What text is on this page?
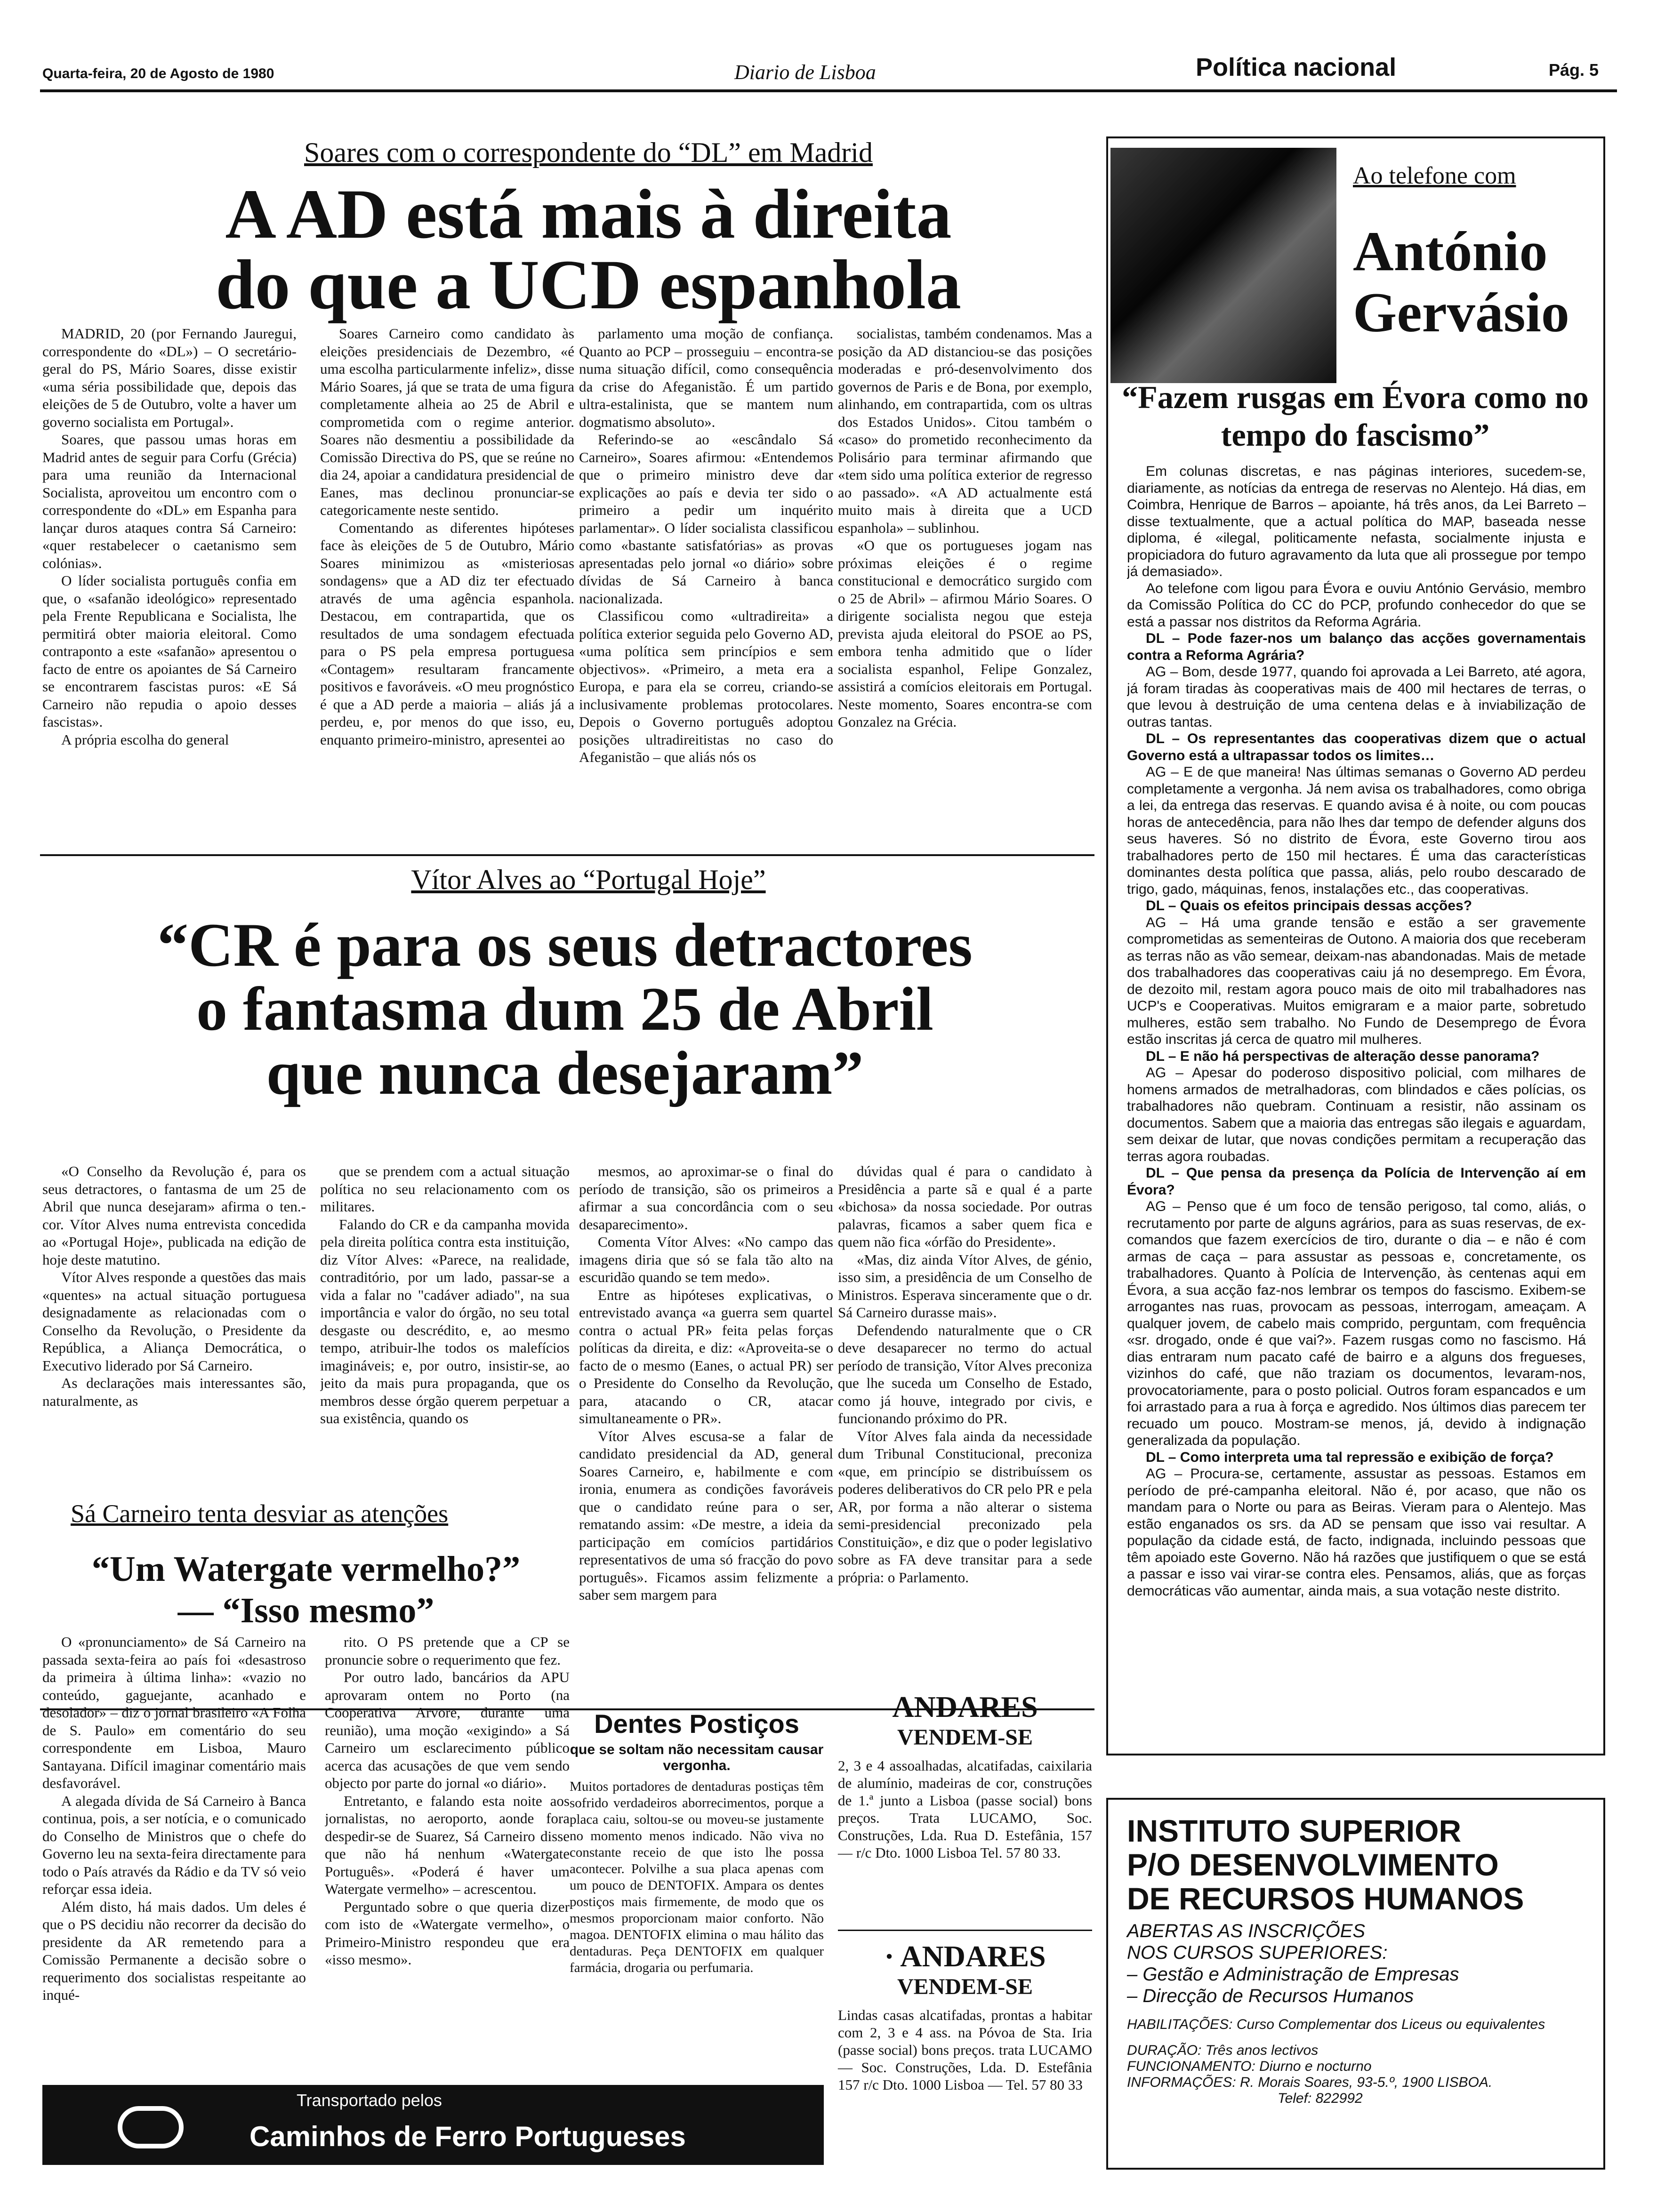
Quarta-feira, 20 de Agosto de 1980	Diario de Lisboa	Política nacional	Pág. 5
Soares com o correspondente do “DL” em Madrid
A AD está mais à direita
do que a UCD espanhola

MADRID, 20 (por Fernando Jauregui, correspondente do «DL») – O secretário-geral do PS, Mário Soares, disse existir «uma séria possibilidade que, depois das eleições de 5 de Outubro, volte a haver um governo socialista em Portugal».

Soares, que passou umas horas em Madrid antes de seguir para Corfu (Grécia) para uma reunião da Internacional Socialista, aproveitou um encontro com o correspondente do «DL» em Espanha para lançar duros ataques contra Sá Carneiro: «quer restabelecer o caetanismo sem colónias».

O líder socialista português confia em que, o «safanão ideológico» representado pela Frente Republicana e Socialista, lhe permitirá obter maioria eleitoral. Como contraponto a este «safanão» apresentou o facto de entre os apoiantes de Sá Carneiro se encontrarem fascistas puros: «E Sá Carneiro não repudia o apoio desses fascistas».

A própria escolha do general

Soares Carneiro como candidato às eleições presidenciais de Dezembro, «é uma escolha particularmente infeliz», disse Mário Soares, já que se trata de uma figura completamente alheia ao 25 de Abril e comprometida com o regime anterior. Soares não desmentiu a possibilidade da Comissão Directiva do PS, que se reúne no dia 24, apoiar a candidatura presidencial de Eanes, mas declinou pronunciar-se categoricamente neste sentido.

Comentando as diferentes hipóteses face às eleições de 5 de Outubro, Mário Soares minimizou as «misteriosas sondagens» que a AD diz ter efectuado através de uma agência espanhola. Destacou, em contrapartida, que os resultados de uma sondagem efectuada para o PS pela empresa portuguesa «Contagem» resultaram francamente positivos e favoráveis. «O meu prognóstico é que a AD perde a maioria – aliás já a perdeu, e, por menos do que isso, eu, enquanto primeiro-ministro, apresentei ao

parlamento uma moção de confiança. Quanto ao PCP – prosseguiu – encontra-se numa situação difícil, como consequência da crise do Afeganistão. É um partido ultra-estalinista, que se mantem num dogmatismo absoluto».

Referindo-se ao «escândalo Sá Carneiro», Soares afirmou: «Entendemos que o primeiro ministro deve dar explicações ao país e devia ter sido o primeiro a pedir um inquérito parlamentar». O líder socialista classificou como «bastante satisfatórias» as provas apresentadas pelo jornal «o diário» sobre dívidas de Sá Carneiro à banca nacionalizada.

Classificou como «ultradireita» a política exterior seguida pelo Governo AD, «uma política sem princípios e sem objectivos». «Primeiro, a meta era a Europa, e para ela se correu, criando-se inclusivamente problemas protocolares. Depois o Governo português adoptou posições ultradireitistas no caso do Afeganistão – que aliás nós os

socialistas, também condenamos. Mas a posição da AD distanciou-se das posições moderadas e pró-desenvolvimento dos governos de Paris e de Bona, por exemplo, alinhando, em contrapartida, com os ultras dos Estados Unidos». Citou também o «caso» do prometido reconhecimento da Polisário para terminar afirmando que «tem sido uma política exterior de regresso ao passado». «A AD actualmente está muito mais à direita que a UCD espanhola» – sublinhou.

«O que os portugueses jogam nas próximas eleições é o regime constitucional e democrático surgido com o 25 de Abril» – afirmou Mário Soares. O dirigente socialista negou que esteja prevista ajuda eleitoral do PSOE ao PS, embora tenha admitido que o líder socialista espanhol, Felipe Gonzalez, assistirá a comícios eleitorais em Portugal. Neste momento, Soares encontra-se com Gonzalez na Grécia.

Vítor Alves ao “Portugal Hoje”
“CR é para os seus detractores
o fantasma dum 25 de Abril
que nunca desejaram”

«O Conselho da Revolução é, para os seus detractores, o fantasma de um 25 de Abril que nunca desejaram» afirma o ten.-cor. Vítor Alves numa entrevista concedida ao «Portugal Hoje», publicada na edição de hoje deste matutino.

Vítor Alves responde a questões das mais «quentes» na actual situação portuguesa designadamente as relacionadas com o Conselho da Revolução, o Presidente da República, a Aliança Democrática, o Executivo liderado por Sá Carneiro.

As declarações mais interessantes são, naturalmente, as

que se prendem com a actual situação política no seu relacionamento com os militares.

Falando do CR e da campanha movida pela direita política contra esta instituição, diz Vítor Alves: «Parece, na realidade, contraditório, por um lado, passar-se a vida a falar no "cadáver adiado", na sua importância e valor do órgão, no seu total desgaste ou descrédito, e, ao mesmo tempo, atribuir-lhe todos os malefícios imagináveis; e, por outro, insistir-se, ao jeito da mais pura propaganda, que os membros desse órgão querem perpetuar a sua existência, quando os

mesmos, ao aproximar-se o final do período de transição, são os primeiros a afirmar a sua concordância com o seu desaparecimento».

Comenta Vítor Alves: «No campo das imagens diria que só se fala tão alto na escuridão quando se tem medo».

Entre as hipóteses explicativas, o entrevistado avança «a guerra sem quartel contra o actual PR» feita pelas forças políticas da direita, e diz: «Aproveita-se o facto de o mesmo (Eanes, o actual PR) ser o Presidente do Conselho da Revolução, para, atacando o CR, atacar simultaneamente o PR».

Vítor Alves escusa-se a falar de candidato presidencial da AD, general Soares Carneiro, e, habilmente e com ironia, enumera as condições favoráveis que o candidato reúne para o ser, rematando assim: «De mestre, a ideia da participação em comícios partidários representativos de uma só fracção do povo português». Ficamos assim felizmente a saber sem margem para

dúvidas qual é para o candidato à Presidência a parte sã e qual é a parte «bichosa» da nossa sociedade. Por outras palavras, ficamos a saber quem fica e quem não fica «órfão do Presidente».

«Mas, diz ainda Vítor Alves, de génio, isso sim, a presidência de um Conselho de Ministros. Esperava sinceramente que o dr. Sá Carneiro durasse mais».

Defendendo naturalmente que o CR deve desaparecer no termo do actual período de transição, Vítor Alves preconiza que lhe suceda um Conselho de Estado, como já houve, integrado por civis, e funcionando próximo do PR.

Vítor Alves fala ainda da necessidade dum Tribunal Constitucional, preconiza «que, em princípio se distribuíssem os poderes deliberativos do CR pelo PR e pela AR, por forma a não alterar o sistema semi-presidencial preconizado pela Constituição», e diz que o poder legislativo sobre as FA deve transitar para a sede própria: o Parlamento.

Sá Carneiro tenta desviar as atenções
“Um Watergate vermelho?”
— “Isso mesmo”

O «pronunciamento» de Sá Carneiro na passada sexta-feira ao país foi «desastroso da primeira à última linha»: «vazio no conteúdo, gaguejante, acanhado e desolador» – diz o jornal brasileiro «A Folha de S. Paulo» em comentário do seu correspondente em Lisboa, Mauro Santayana. Difícil imaginar comentário mais desfavorável.

A alegada dívida de Sá Carneiro à Banca continua, pois, a ser notícia, e o comunicado do Conselho de Ministros que o chefe do Governo leu na sexta-feira directamente para todo o País através da Rádio e da TV só veio reforçar essa ideia.

Além disto, há mais dados. Um deles é que o PS decidiu não recorrer da decisão do presidente da AR remetendo para a Comissão Permanente a decisão sobre o requerimento dos socialistas respeitante ao inqué-

rito. O PS pretende que a CP se pronuncie sobre o requerimento que fez.

Por outro lado, bancários da APU aprovaram ontem no Porto (na Cooperativa Arvore, durante uma reunião), uma moção «exigindo» a Sá Carneiro um esclarecimento público acerca das acusações de que vem sendo objecto por parte do jornal «o diário».

Entretanto, e falando esta noite aos jornalistas, no aeroporto, aonde fora despedir-se de Suarez, Sá Carneiro disse que não há nenhum «Watergate Português». «Poderá é haver um Watergate vermelho» – acrescentou.

Perguntado sobre o que queria dizer com isto de «Watergate vermelho», o Primeiro-Ministro respondeu que era «isso mesmo».

CP
Transportado pelos
Caminhos de Ferro Portugueses
Dentes Postiços
que se soltam não necessitam causar vergonha.
Muitos portadores de dentaduras postiças têm sofrido verdadeiros aborrecimentos, porque a placa caiu, soltou-se ou moveu-se justamente no momento menos indicado. Não viva no constante receio de que isto lhe possa acontecer. Polvilhe a sua placa apenas com um pouco de DENTOFIX. Ampara os dentes postiços mais firmemente, de modo que os mesmos proporcionam maior conforto. Não magoa. DENTOFIX elimina o mau hálito das dentaduras. Peça DENTOFIX em qualquer farmácia, drogaria ou perfumaria.
ANDARES
VENDEM-SE
2, 3 e 4 assoalhadas, alcatifadas, caixilaria de alumínio, madeiras de cor, construções de 1.ª junto a Lisboa (passe social) bons preços. Trata LUCAMO, Soc. Construções, Lda. Rua D. Estefânia, 157 — r/c Dto. 1000 Lisboa Tel. 57 80 33.
· ANDARES
VENDEM-SE
Lindas casas alcatifadas, prontas a habitar com 2, 3 e 4 ass. na Póvoa de Sta. Iria (passe social) bons preços. trata LUCAMO — Soc. Construções, Lda. D. Estefânia 157 r/c Dto. 1000 Lisboa — Tel. 57 80 33
Ao telefone com
António
Gervásio
“Fazem rusgas em Évora como no tempo do fascismo”

Em colunas discretas, e nas páginas interiores, sucedem-se, diariamente, as notícias da entrega de reservas no Alentejo. Há dias, em Coimbra, Henrique de Barros – apoiante, há três anos, da Lei Barreto – disse textualmente, que a actual política do MAP, baseada nesse diploma, é «ilegal, politicamente nefasta, socialmente injusta e propiciadora do futuro agravamento da luta que ali prossegue por tempo já demasiado».

Ao telefone com ligou para Évora e ouviu António Gervásio, membro da Comissão Política do CC do PCP, profundo conhecedor do que se está a passar nos distritos da Reforma Agrária.

DL – Pode fazer-nos um balanço das acções governamentais contra a Reforma Agrária?

AG – Bom, desde 1977, quando foi aprovada a Lei Barreto, até agora, já foram tiradas às cooperativas mais de 400 mil hectares de terras, o que levou à destruição de uma centena delas e à inviabilização de outras tantas.

DL – Os representantes das cooperativas dizem que o actual Governo está a ultrapassar todos os limites…

AG – E de que maneira! Nas últimas semanas o Governo AD perdeu completamente a vergonha. Já nem avisa os trabalhadores, como obriga a lei, da entrega das reservas. E quando avisa é à noite, ou com poucas horas de antecedência, para não lhes dar tempo de defender alguns dos seus haveres. Só no distrito de Évora, este Governo tirou aos trabalhadores perto de 150 mil hectares. É uma das características dominantes desta política que passa, aliás, pelo roubo descarado de trigo, gado, máquinas, fenos, instalações etc., das cooperativas.

DL – Quais os efeitos principais dessas acções?

AG – Há uma grande tensão e estão a ser gravemente comprometidas as sementeiras de Outono. A maioria dos que receberam as terras não as vão semear, deixam-nas abandonadas. Mais de metade dos trabalhadores das cooperativas caiu já no desemprego. Em Évora, de dezoito mil, restam agora pouco mais de oito mil trabalhadores nas UCP's e Cooperativas. Muitos emigraram e a maior parte, sobretudo mulheres, estão sem trabalho. No Fundo de Desemprego de Évora estão inscritas já cerca de quatro mil mulheres.

DL – E não há perspectivas de alteração desse panorama?

AG – Apesar do poderoso dispositivo policial, com milhares de homens armados de metralhadoras, com blindados e cães polícias, os trabalhadores não quebram. Continuam a resistir, não assinam os documentos. Sabem que a maioria das entregas são ilegais e aguardam, sem deixar de lutar, que novas condições permitam a recuperação das terras agora roubadas.

DL – Que pensa da presença da Polícia de Intervenção aí em Évora?

AG – Penso que é um foco de tensão perigoso, tal como, aliás, o recrutamento por parte de alguns agrários, para as suas reservas, de ex-comandos que fazem exercícios de tiro, durante o dia – e não é com armas de caça – para assustar as pessoas e, concretamente, os trabalhadores. Quanto à Polícia de Intervenção, às centenas aqui em Évora, a sua acção faz-nos lembrar os tempos do fascismo. Exibem-se arrogantes nas ruas, provocam as pessoas, interrogam, ameaçam. A qualquer jovem, de cabelo mais comprido, perguntam, com frequência «sr. drogado, onde é que vai?». Fazem rusgas como no fascismo. Há dias entraram num pacato café de bairro e a alguns dos fregueses, vizinhos do café, que não traziam os documentos, levaram-nos, provocatoriamente, para o posto policial. Outros foram espancados e um foi arrastado para a rua à força e agredido. Nos últimos dias parecem ter recuado um pouco. Mostram-se menos, já, devido à indignação generalizada da população.

DL – Como interpreta uma tal repressão e exibição de força?

AG – Procura-se, certamente, assustar as pessoas. Estamos em período de pré-campanha eleitoral. Não é, por acaso, que não os mandam para o Norte ou para as Beiras. Vieram para o Alentejo. Mas estão enganados os srs. da AD se pensam que isso vai resultar. A população da cidade está, de facto, indignada, incluindo pessoas que têm apoiado este Governo. Não há razões que justifiquem o que se está a passar e isso vai virar-se contra eles. Pensamos, aliás, que as forças democráticas vão aumentar, ainda mais, a sua votação neste distrito.

INSTITUTO SUPERIOR
P/O DESENVOLVIMENTO
DE RECURSOS HUMANOS
ABERTAS AS INSCRIÇÕES
NOS CURSOS SUPERIORES:
– Gestão e Administração de Empresas
– Direcção de Recursos Humanos
HABILITAÇÕES: Curso Complementar dos Liceus ou equivalentes
DURAÇÃO: Três anos lectivos
FUNCIONAMENTO: Diurno e nocturno
INFORMAÇÕES: R. Morais Soares, 93-5.º, 1900 LISBOA.
Telef: 822992
